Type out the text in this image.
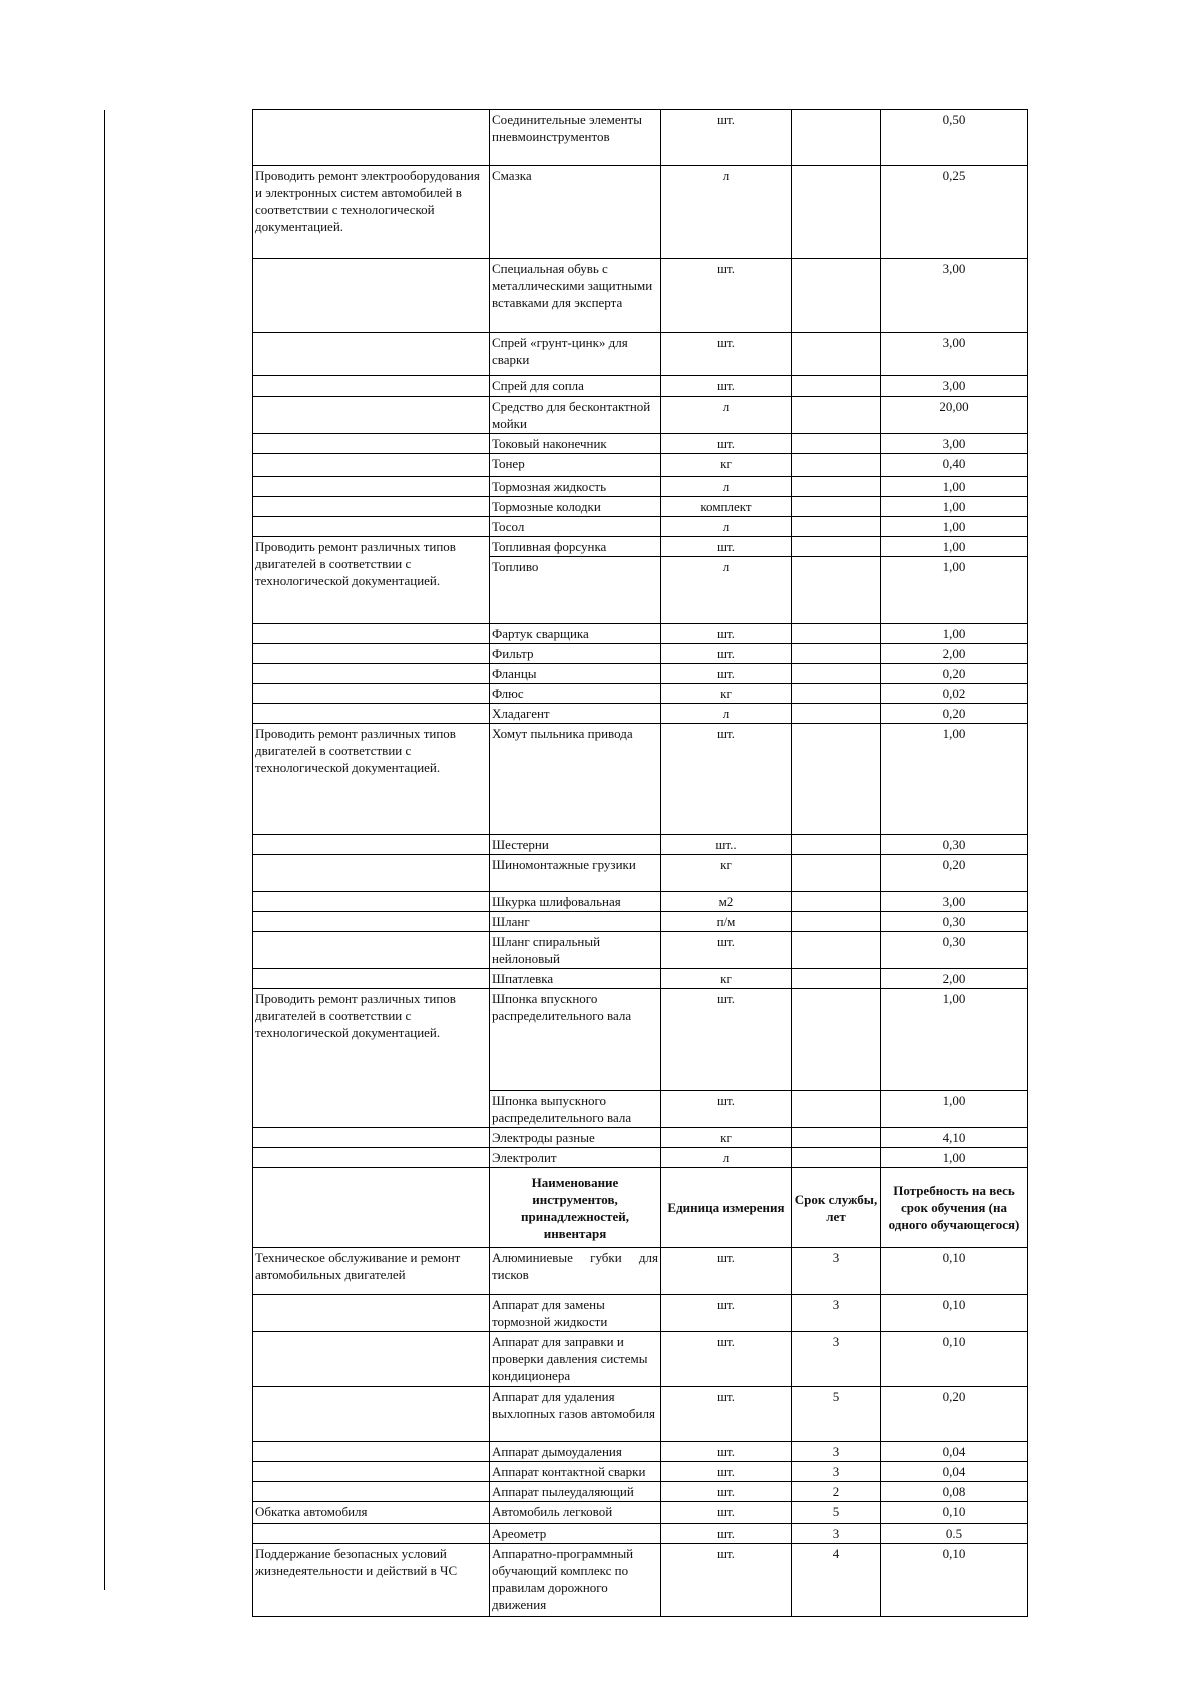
	Соединительные элементы пневмоинструментов	шт.		0,50
Проводить ремонт электрооборудования и электронных систем автомобилей в соответствии с технологической документацией.	Смазка	л		0,25
	Специальная обувь с металлическими защитными вставками для эксперта	шт.		3,00
	Спрей «грунт-цинк» для сварки	шт.		3,00
	Спрей для сопла	шт.		3,00
	Средство для бесконтактной мойки	л		20,00
	Токовый наконечник	шт.		3,00
	Тонер	кг		0,40
	Тормозная жидкость	л		1,00
	Тормозные колодки	комплект		1,00
	Тосол	л		1,00

Проводить ремонт различных типов двигателей в соответствии с технологической документацией.	Топливная форсунка	шт.		1,00
	Топливо	л		1,00
	Фартук сварщика	шт.		1,00
	Фильтр	шт.		2,00
	Фланцы	шт.		0,20
	Флюс	кг		0,02
	Хладагент	л		0,20
Проводить ремонт различных типов двигателей в соответствии с технологической документацией.	Хомут пыльника привода	шт.		1,00
	Шестерни	шт..		0,30
	Шиномонтажные грузики	кг		0,20
	Шкурка шлифовальная	м2		3,00
	Шланг	п/м		0,30
	Шланг спиральный нейлоновый	шт.		0,30
	Шпатлевка	кг		2,00
Проводить ремонт различных типов двигателей в соответствии с технологической документацией.	Шпонка впускного распределительного вала	шт.		1,00
	Шпонка выпускного распределительного вала	шт.		1,00
	Электроды разные	кг		4,10
	Электролит	л		1,00
	Наименование инструментов, принадлежностей, инвентаря	Единица измерения	Срок службы, лет	Потребность на весь срок обучения (на одного обучающегося)
Техническое обслуживание и ремонт автомобильных двигателей	Алюминиевые губки для тисков	шт.	3	0,10
	Аппарат для замены тормозной жидкости	шт.	3	0,10
	Аппарат для заправки и проверки давления системы кондиционера	шт.	3	0,10
	Аппарат для удаления выхлопных газов автомобиля	шт.	5	0,20
	Аппарат дымоудаления	шт.	3	0,04
	Аппарат контактной сварки	шт.	3	0,04
	Аппарат пылеудаляющий	шт.	2	0,08
Обкатка автомобиля	Автомобиль легковой	шт.	5	0,10
	Ареометр	шт.	3	0.5
Поддержание безопасных условий жизнедеятельности и действий в ЧС	Аппаратно-программный обучающий комплекс по правилам дорожного движения	шт.	4	0,10
